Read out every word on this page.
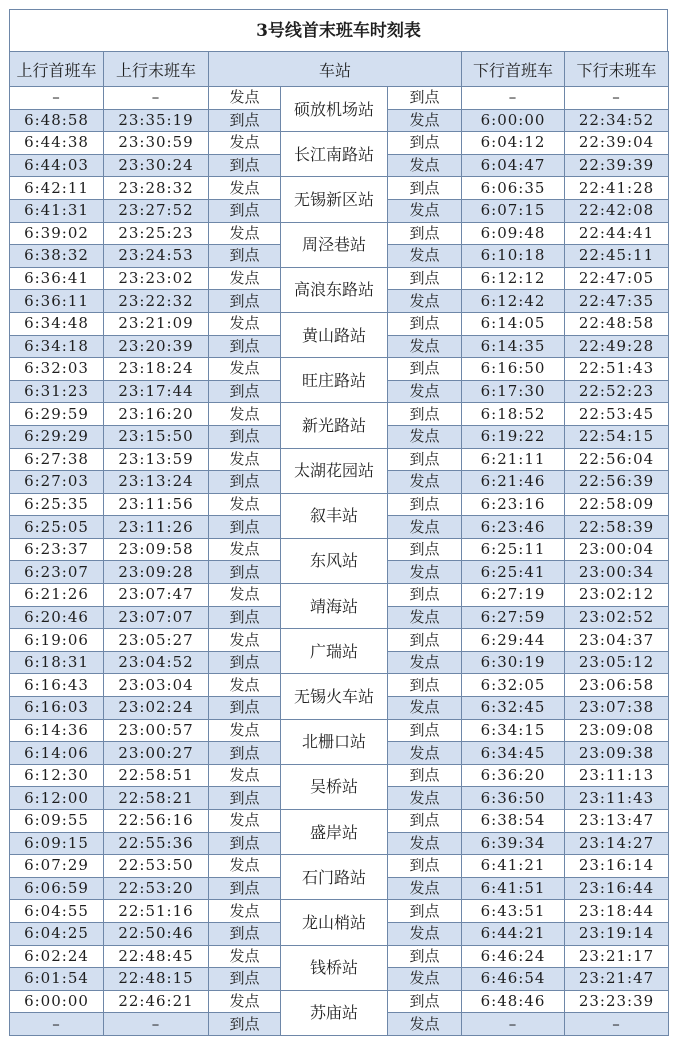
3号线首末班车时刻表
上行首班车	上行末班车	车站			下行首班车	下行末班车
–	–	发点	硕放机场站	到点	–	–
6:48:58	23:35:19	到点		发点	6:00:00	22:34:52
6:44:38	23:30:59	发点	长江南路站	到点	6:04:12	22:39:04
6:44:03	23:30:24	到点		发点	6:04:47	22:39:39
6:42:11	23:28:32	发点	无锡新区站	到点	6:06:35	22:41:28
6:41:31	23:27:52	到点		发点	6:07:15	22:42:08
6:39:02	23:25:23	发点	周泾巷站	到点	6:09:48	22:44:41
6:38:32	23:24:53	到点		发点	6:10:18	22:45:11
6:36:41	23:23:02	发点	高浪东路站	到点	6:12:12	22:47:05
6:36:11	23:22:32	到点		发点	6:12:42	22:47:35
6:34:48	23:21:09	发点	黄山路站	到点	6:14:05	22:48:58
6:34:18	23:20:39	到点		发点	6:14:35	22:49:28
6:32:03	23:18:24	发点	旺庄路站	到点	6:16:50	22:51:43
6:31:23	23:17:44	到点		发点	6:17:30	22:52:23
6:29:59	23:16:20	发点	新光路站	到点	6:18:52	22:53:45
6:29:29	23:15:50	到点		发点	6:19:22	22:54:15
6:27:38	23:13:59	发点	太湖花园站	到点	6:21:11	22:56:04
6:27:03	23:13:24	到点		发点	6:21:46	22:56:39
6:25:35	23:11:56	发点	叙丰站	到点	6:23:16	22:58:09
6:25:05	23:11:26	到点		发点	6:23:46	22:58:39
6:23:37	23:09:58	发点	东风站	到点	6:25:11	23:00:04
6:23:07	23:09:28	到点		发点	6:25:41	23:00:34
6:21:26	23:07:47	发点	靖海站	到点	6:27:19	23:02:12
6:20:46	23:07:07	到点		发点	6:27:59	23:02:52
6:19:06	23:05:27	发点	广瑞站	到点	6:29:44	23:04:37
6:18:31	23:04:52	到点		发点	6:30:19	23:05:12
6:16:43	23:03:04	发点	无锡火车站	到点	6:32:05	23:06:58
6:16:03	23:02:24	到点		发点	6:32:45	23:07:38
6:14:36	23:00:57	发点	北栅口站	到点	6:34:15	23:09:08
6:14:06	23:00:27	到点		发点	6:34:45	23:09:38
6:12:30	22:58:51	发点	吴桥站	到点	6:36:20	23:11:13
6:12:00	22:58:21	到点		发点	6:36:50	23:11:43
6:09:55	22:56:16	发点	盛岸站	到点	6:38:54	23:13:47
6:09:15	22:55:36	到点		发点	6:39:34	23:14:27
6:07:29	22:53:50	发点	石门路站	到点	6:41:21	23:16:14
6:06:59	22:53:20	到点		发点	6:41:51	23:16:44
6:04:55	22:51:16	发点	龙山梢站	到点	6:43:51	23:18:44
6:04:25	22:50:46	到点		发点	6:44:21	23:19:14
6:02:24	22:48:45	发点	钱桥站	到点	6:46:24	23:21:17
6:01:54	22:48:15	到点		发点	6:46:54	23:21:47
6:00:00	22:46:21	发点	苏庙站	到点	6:48:46	23:23:39
–	–	到点		发点	–	–
